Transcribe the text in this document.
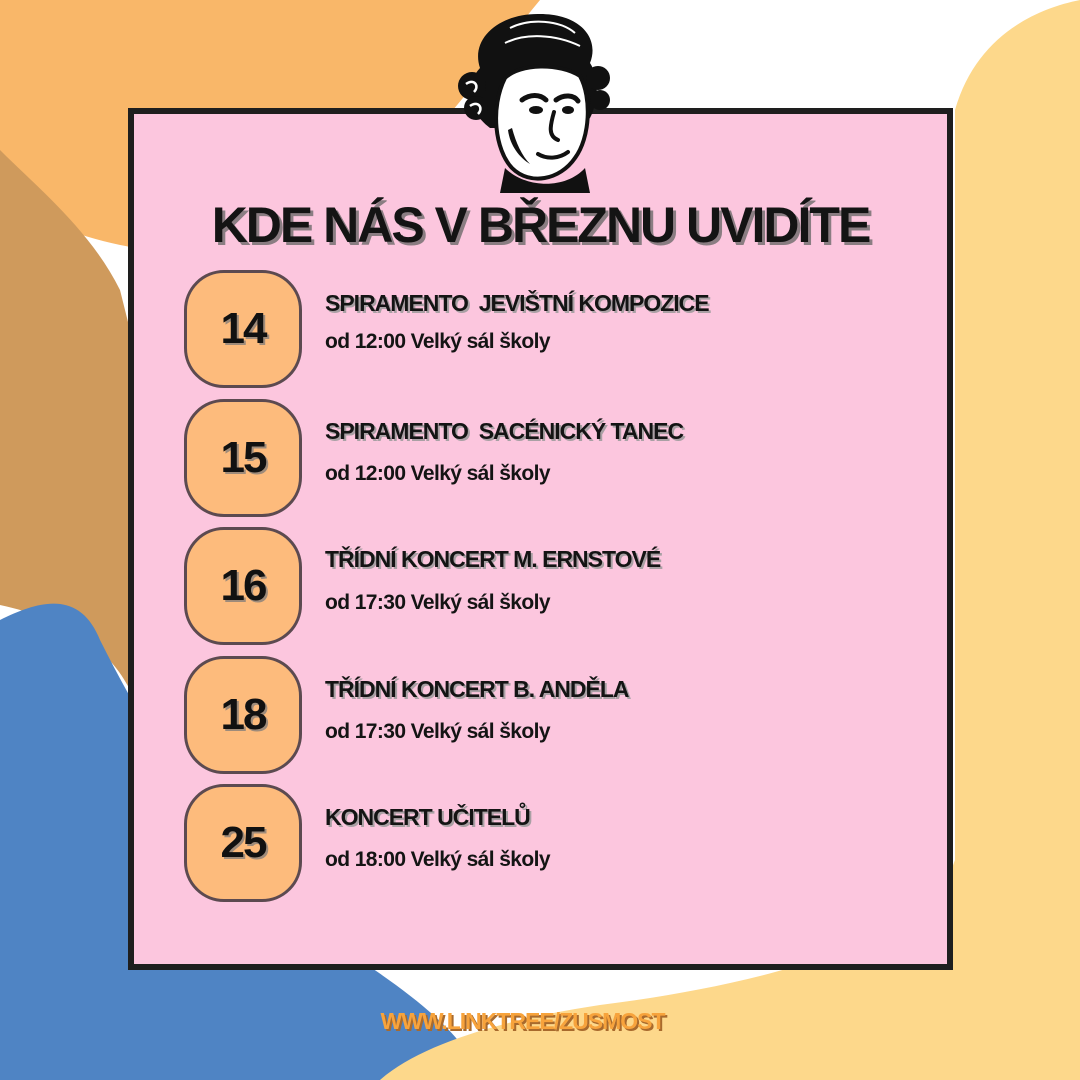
KDE NÁS V BŘEZNU UVIDÍTE
14
SPIRAMENTO  JEVIŠTNÍ KOMPOZICE
od 12:00 Velký sál školy
15
SPIRAMENTO  SACÉNICKÝ TANEC
od 12:00 Velký sál školy
16
TŘÍDNÍ KONCERT M. ERNSTOVÉ
od 17:30 Velký sál školy
18
TŘÍDNÍ KONCERT B. ANDĚLA
od 17:30 Velký sál školy
25
KONCERT UČITELŮ
od 18:00 Velký sál školy
WWW.LINKTREE/ZUSMOST
